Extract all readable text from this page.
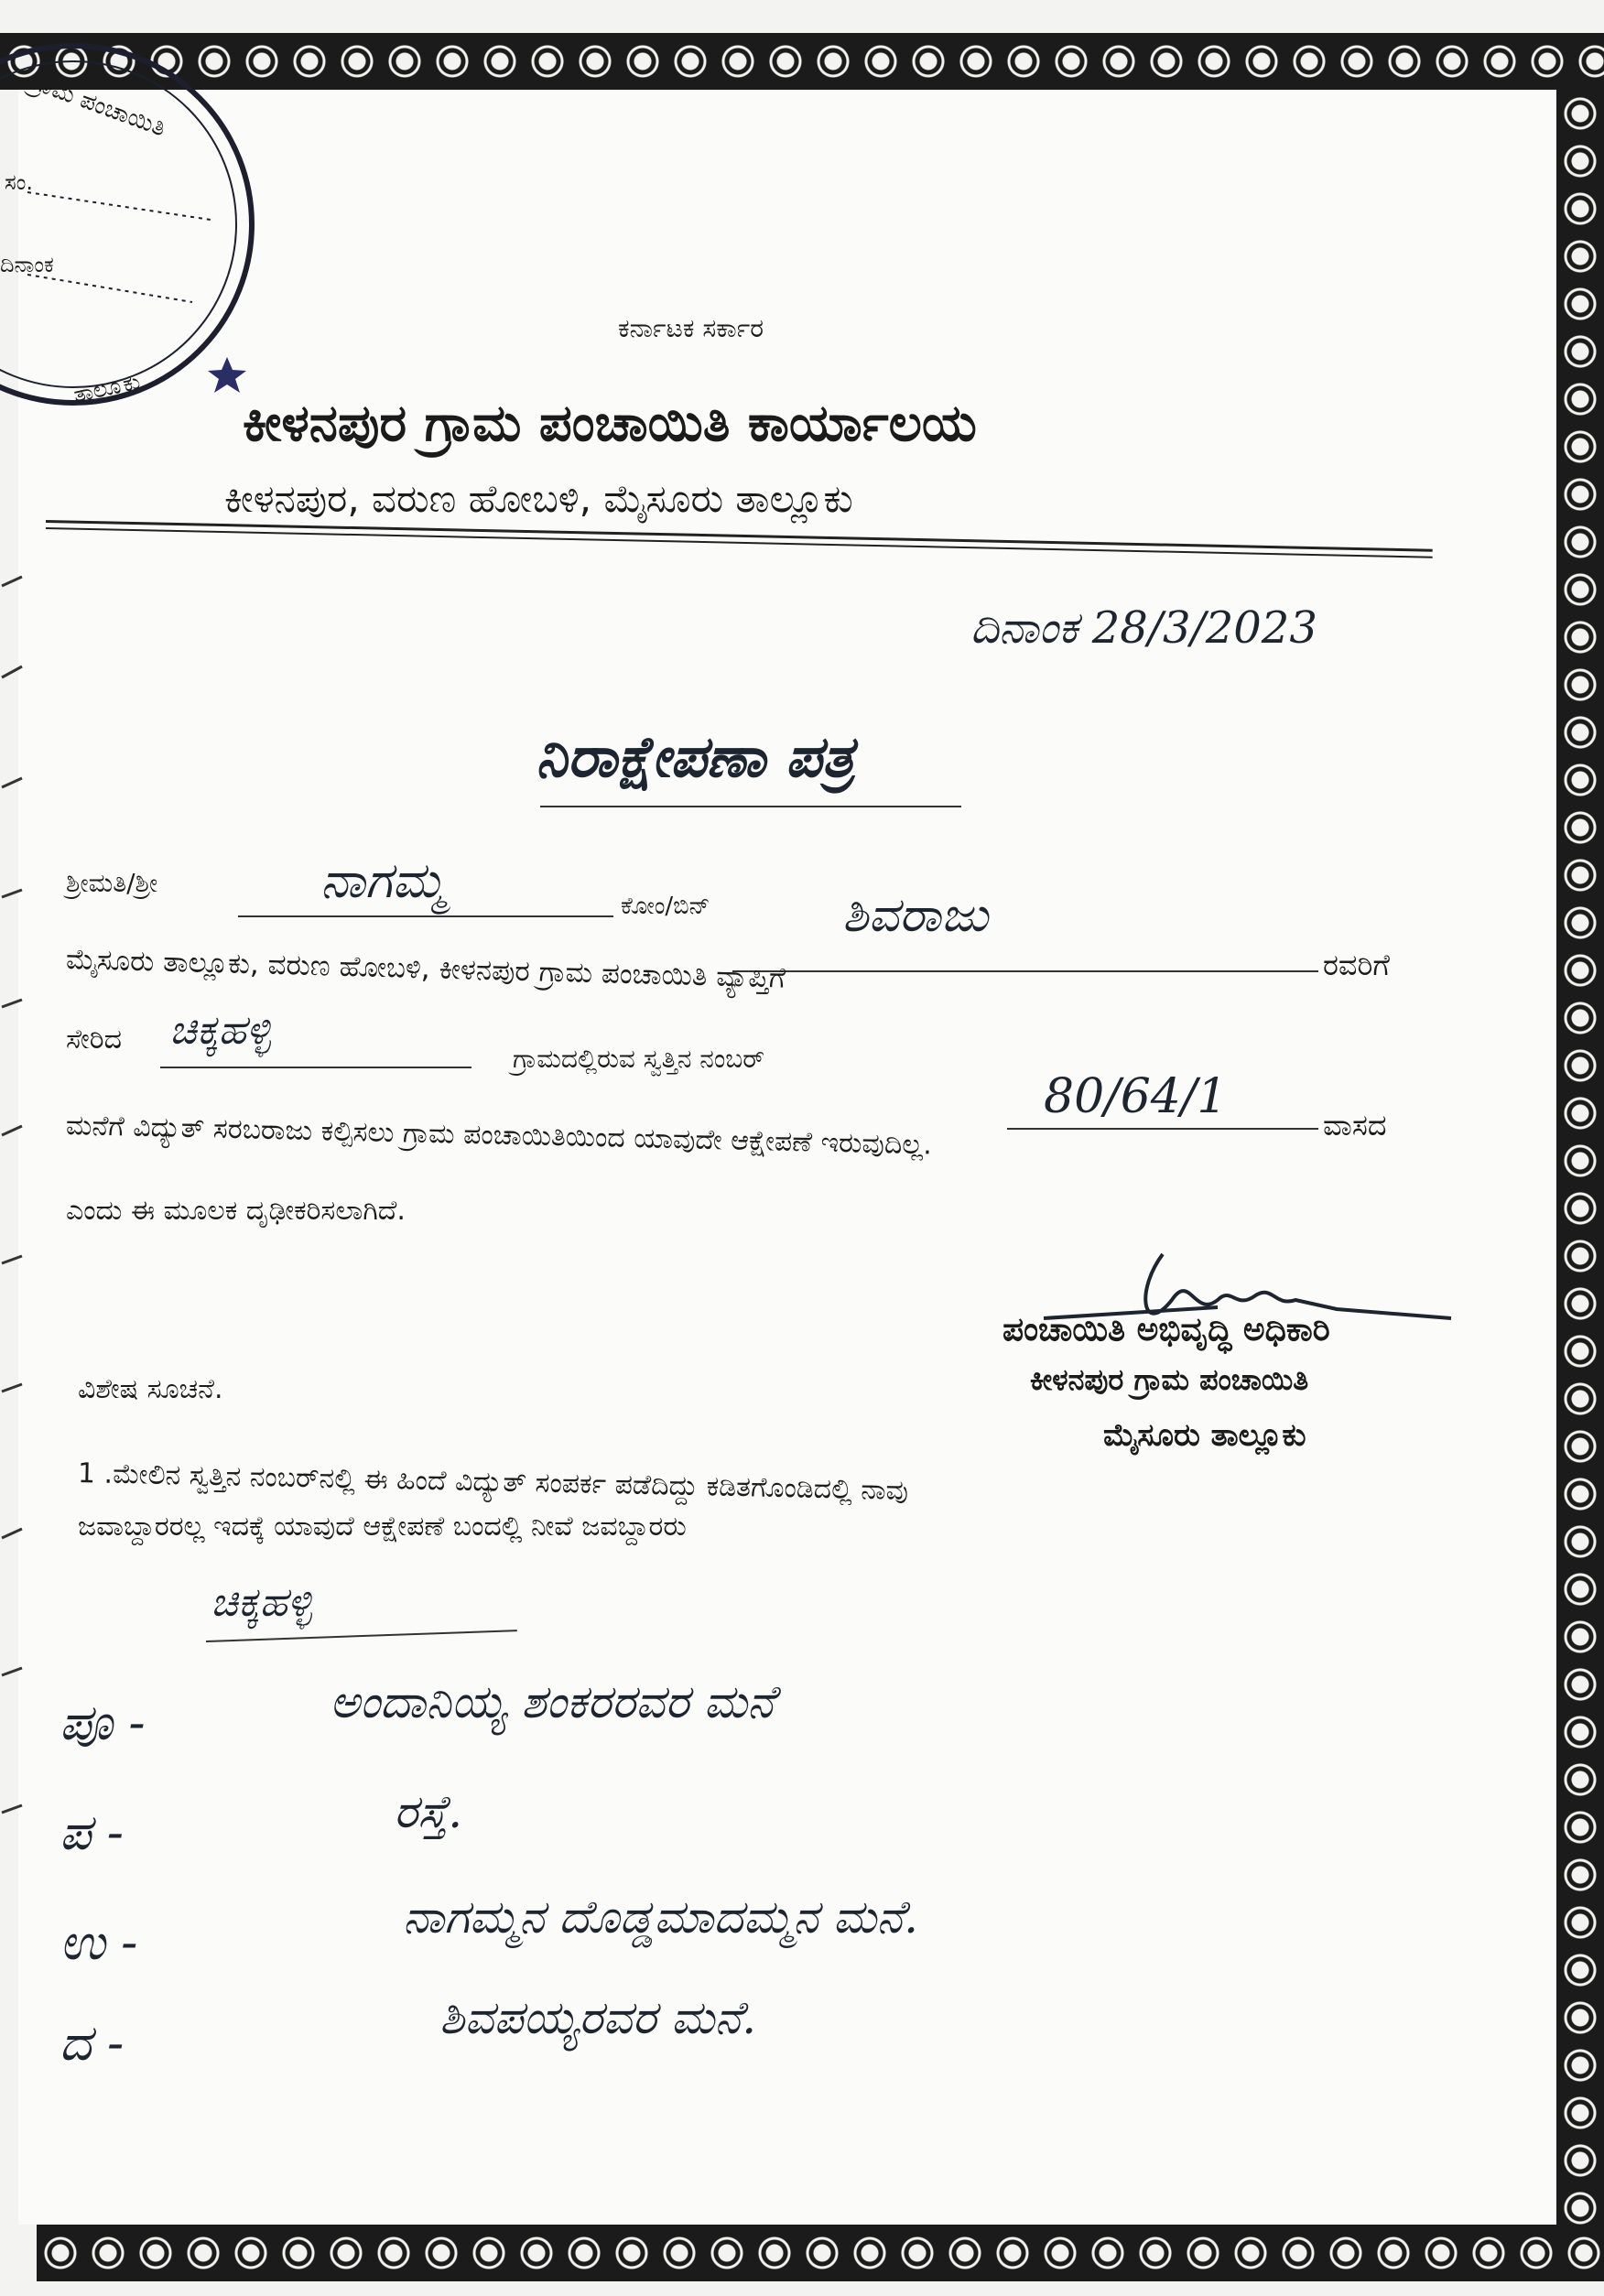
ಗ್ರಾಮ ಪಂಚಾಯಿತಿ
ಸಂ.
ದಿನಾಂಕ
ತಾಲ್ಲೂಕು
ಕರ್ನಾಟಕ ಸರ್ಕಾರ
ಕೀಳನಪುರ ಗ್ರಾಮ ಪಂಚಾಯಿತಿ ಕಾರ್ಯಾಲಯ
ಕೀಳನಪುರ, ವರುಣ ಹೋಬಳಿ, ಮೈಸೂರು ತಾಲ್ಲೂಕು
ದಿನಾಂಕ 28/3/2023
ನಿರಾಕ್ಷೇಪಣಾ ಪತ್ರ
ಶ್ರೀಮತಿ/ಶ್ರೀ	ನಾಗಮ್ಮ	ಕೋಂ/ಬಿನ್	ಶಿವರಾಜು
ರವರಿಗೆ
ಮೈಸೂರು ತಾಲ್ಲೂಕು, ವರುಣ ಹೋಬಳಿ, ಕೀಳನಪುರ ಗ್ರಾಮ ಪಂಚಾಯಿತಿ ವ್ಯಾಪ್ತಿಗೆ
ಸೇರಿದ ಚಿಕ್ಕಹಳ್ಳಿ
ಗ್ರಾಮದಲ್ಲಿರುವ ಸ್ವತ್ತಿನ ನಂಬರ್
80/64/1
ವಾಸದ
ಮನೆಗೆ ವಿದ್ಯುತ್ ಸರಬರಾಜು ಕಲ್ಪಿಸಲು ಗ್ರಾಮ ಪಂಚಾಯಿತಿಯಿಂದ ಯಾವುದೇ ಆಕ್ಷೇಪಣೆ ಇರುವುದಿಲ್ಲ.
ಎಂದು ಈ ಮೂಲಕ ದೃಢೀಕರಿಸಲಾಗಿದೆ.
ಪಂಚಾಯಿತಿ ಅಭಿವೃದ್ಧಿ ಅಧಿಕಾರಿ
ಕೀಳನಪುರ ಗ್ರಾಮ ಪಂಚಾಯಿತಿ
ಮೈಸೂರು ತಾಲ್ಲೂಕು
ವಿಶೇಷ ಸೂಚನೆ.
1 .ಮೇಲಿನ ಸ್ವತ್ತಿನ ನಂಬರ್‌ನಲ್ಲಿ ಈ ಹಿಂದೆ ವಿದ್ಯುತ್ ಸಂಪರ್ಕ ಪಡೆದಿದ್ದು ಕಡಿತಗೊಂಡಿದಲ್ಲಿ ನಾವು
ಜವಾಬ್ದಾರರಲ್ಲ ಇದಕ್ಕೆ ಯಾವುದೆ ಆಕ್ಷೇಪಣೆ ಬಂದಲ್ಲಿ ನೀವೆ ಜವಬ್ದಾರರು
ಚಿಕ್ಕಹಳ್ಳಿ
ಪೂ -	ಅಂದಾನಿಯ್ಯ ಶಂಕರರವರ ಮನೆ
ಪ -	ರಸ್ತೆ.
ಉ -	ನಾಗಮ್ಮನ ದೊಡ್ಡಮಾದಮ್ಮನ ಮನೆ.
ದ -	ಶಿವಪಯ್ಯರವರ ಮನೆ.
